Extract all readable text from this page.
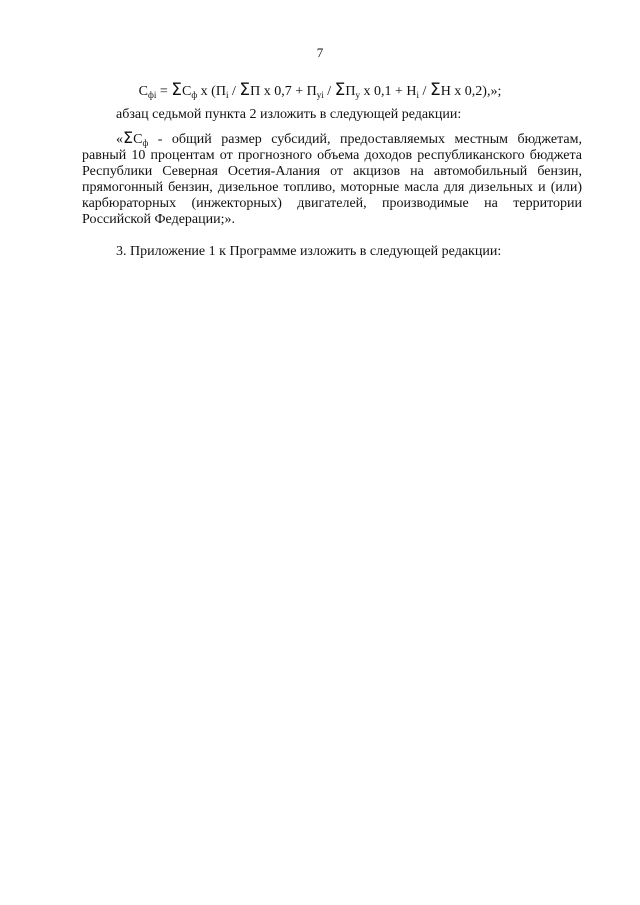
7
$С_{фi} = \Sigma С_ф$ х ($П_i$ / ΣП х $0,7 + П_{уi} / \Sigma П_у$ х $0,1 + Н_i / \Sigma Н$ х 0,2),»;

абзац седьмой пункта 2 изложить в следующей редакции:

«$\Sigma С_ф$ - общий размер субсидий, предоставляемых местным бюджетам, равный 10 процентам от прогнозного объема доходов республиканского бюджета Республики Северная Осетия-Алания от акцизов на автомобильный бензин, прямогонный бензин, дизельное топливо, моторные масла для дизельных и (или) карбюраторных (инжекторных) двигателей, производимые на территории Российской Федерации;».

3. Приложение 1 к Программе изложить в следующей редакции:
